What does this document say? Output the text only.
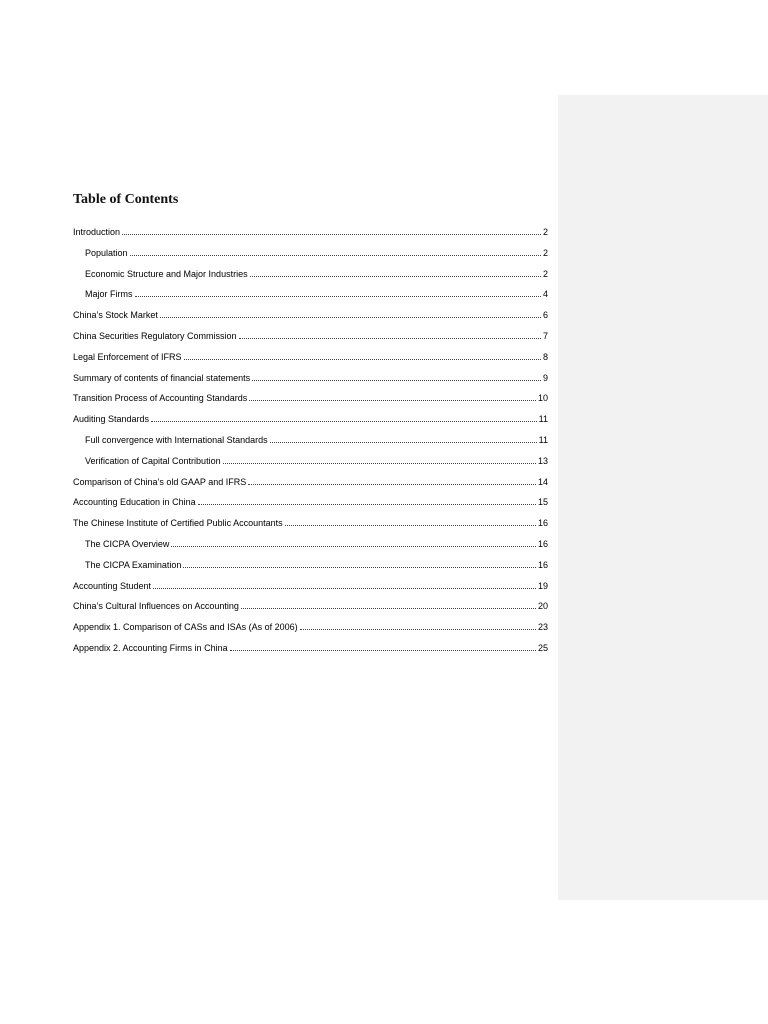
Table of Contents
Introduction	2
Population	2
Economic Structure and Major Industries	2
Major Firms	4
China’s Stock Market	6
China Securities Regulatory Commission	7
Legal Enforcement of IFRS	8
Summary of contents of financial statements	9
Transition Process of Accounting Standards	10
Auditing Standards	11
Full convergence with International Standards	11
Verification of Capital Contribution	13
Comparison of China’s old GAAP and IFRS	14
Accounting Education in China	15
The Chinese Institute of Certified Public Accountants	16
The CICPA Overview	16
The CICPA Examination	16
Accounting Student	19
China’s Cultural Influences on Accounting	20
Appendix 1. Comparison of CASs and ISAs (As of 2006)	23
Appendix 2. Accounting Firms in China	25
